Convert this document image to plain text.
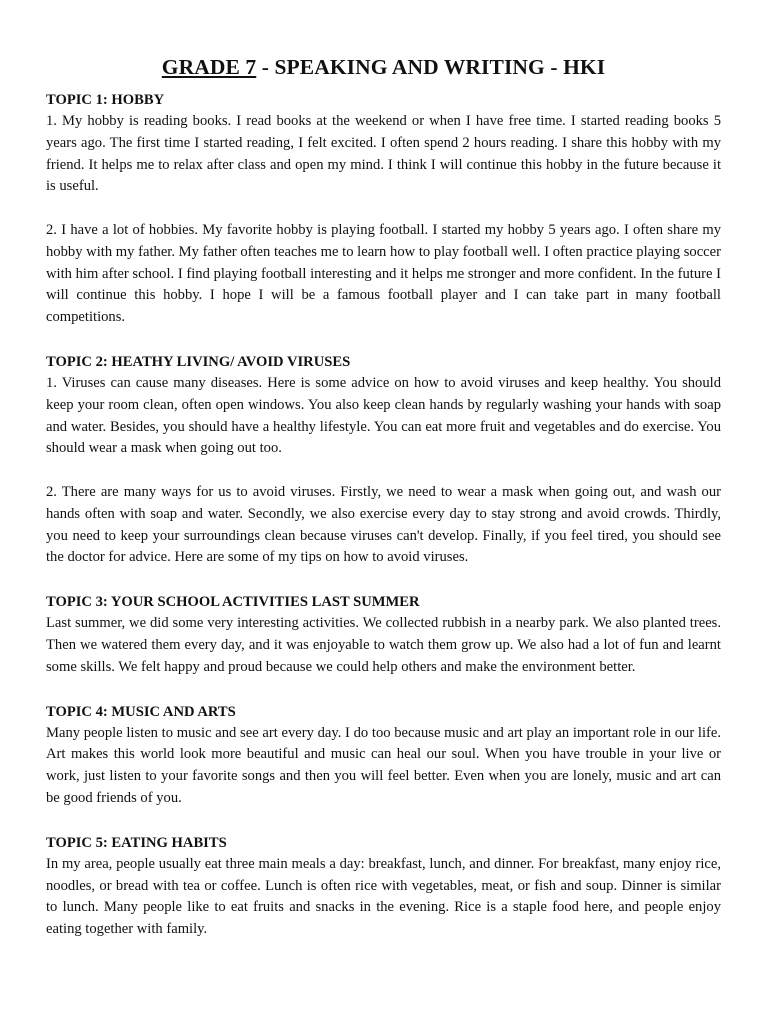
GRADE 7 - SPEAKING AND WRITING - HKI
TOPIC 1: HOBBY

1. My hobby is reading books. I read books at the weekend or when I have free time. I started reading books 5 years ago. The first time I started reading, I felt excited. I often spend 2 hours reading. I share this hobby with my friend. It helps me to relax after class and open my mind. I think I will continue this hobby in the future because it is useful.

2. I have a lot of hobbies. My favorite hobby is playing football. I started my hobby 5 years ago. I often share my hobby with my father. My father often teaches me to learn how to play football well. I often practice playing soccer with him after school. I find playing football interesting and it helps me stronger and more confident. In the future I will continue this hobby. I hope I will be a famous football player and I can take part in many football competitions.

TOPIC 2: HEATHY LIVING/ AVOID VIRUSES

1. Viruses can cause many diseases. Here is some advice on how to avoid viruses and keep healthy. You should keep your room clean, often open windows. You also keep clean hands by regularly washing your hands with soap and water. Besides, you should have a healthy lifestyle. You can eat more fruit and vegetables and do exercise. You should wear a mask when going out too.

2. There are many ways for us to avoid viruses. Firstly, we need to wear a mask when going out, and wash our hands often with soap and water. Secondly, we also exercise every day to stay strong and avoid crowds. Thirdly, you need to keep your surroundings clean because viruses can't develop. Finally, if you feel tired, you should see the doctor for advice. Here are some of my tips on how to avoid viruses.

TOPIC 3: YOUR SCHOOL ACTIVITIES LAST SUMMER

Last summer, we did some very interesting activities. We collected rubbish in a nearby park. We also planted trees. Then we watered them every day, and it was enjoyable to watch them grow up. We also had a lot of fun and learnt some skills. We felt happy and proud because we could help others and make the environment better.

TOPIC 4: MUSIC AND ARTS

Many people listen to music and see art every day. I do too because music and art play an important role in our life. Art makes this world look more beautiful and music can heal our soul. When you have trouble in your live or work, just listen to your favorite songs and then you will feel better. Even when you are lonely, music and art can be good friends of you.

TOPIC 5: EATING HABITS

In my area, people usually eat three main meals a day: breakfast, lunch, and dinner. For breakfast, many enjoy rice, noodles, or bread with tea or coffee. Lunch is often rice with vegetables, meat, or fish and soup. Dinner is similar to lunch. Many people like to eat fruits and snacks in the evening. Rice is a staple food here, and people enjoy eating together with family.
